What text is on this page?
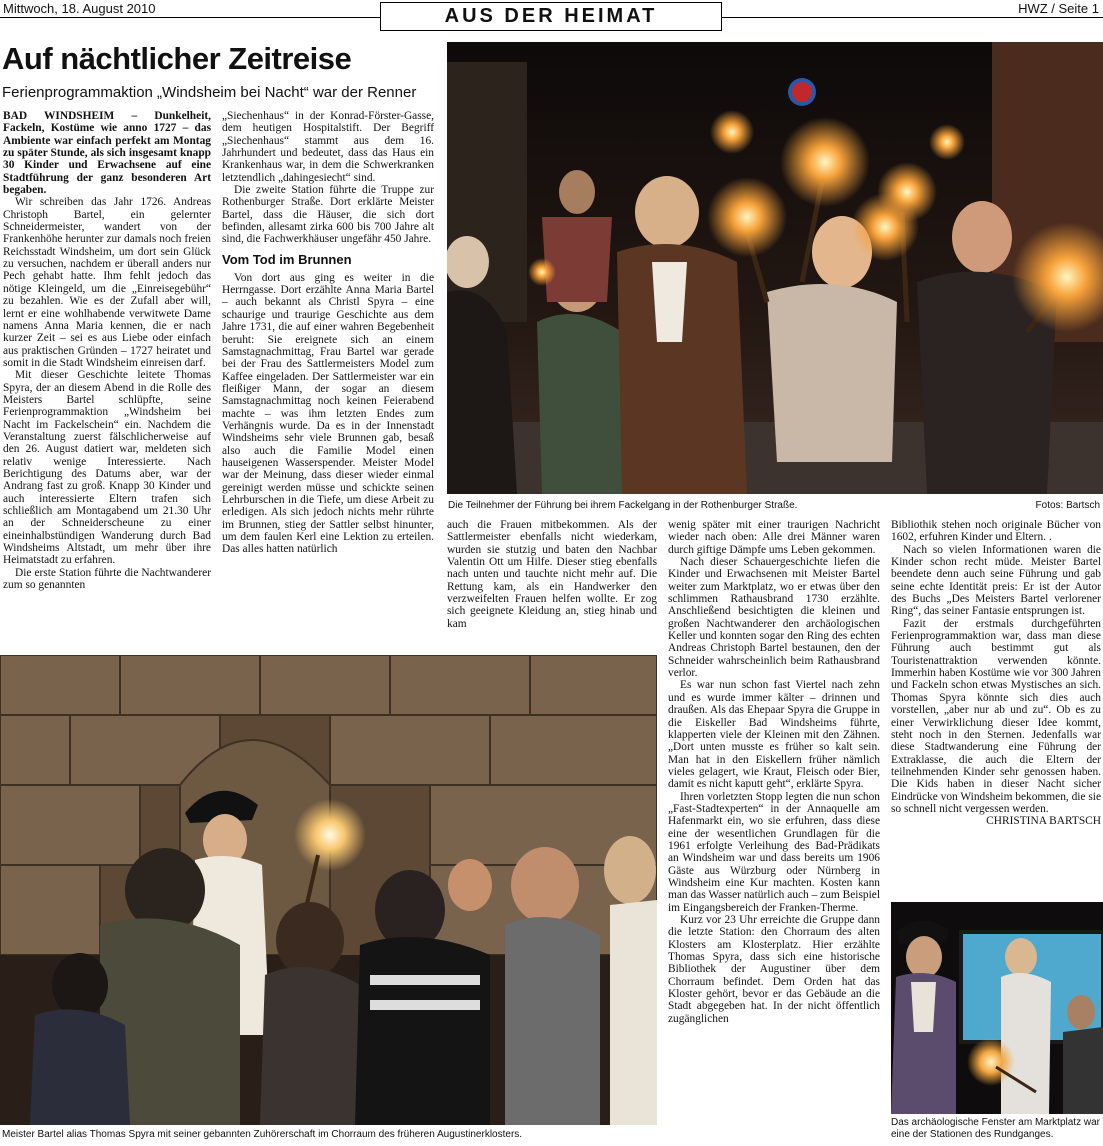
Mittwoch, 18. August 2010	AUS DER HEIMAT	HWZ / Seite 1
Auf nächtlicher Zeitreise
Ferienprogrammaktion „Windsheim bei Nacht“ war der Renner

BAD WINDSHEIM – Dunkelheit, Fackeln, Kostüme wie anno 1727 – das Ambiente war einfach perfekt am Montag zu später Stunde, als sich insgesamt knapp 30 Kinder und Erwachsene auf eine Stadtführung der ganz besonderen Art begaben.

Wir schreiben das Jahr 1726. Andreas Christoph Bartel, ein gelernter Schneidermeister, wandert von der Frankenhöhe herunter zur damals noch freien Reichsstadt Windsheim, um dort sein Glück zu versuchen, nachdem er überall anders nur Pech gehabt hatte. Ihm fehlt jedoch das nötige Kleingeld, um die „Einreisegebühr“ zu bezahlen. Wie es der Zufall aber will, lernt er eine wohlhabende verwitwete Dame namens Anna Maria kennen, die er nach kurzer Zeit – sei es aus Liebe oder einfach aus praktischen Gründen – 1727 heiratet und somit in die Stadt Windsheim einreisen darf.

Mit dieser Geschichte leitete Thomas Spyra, der an diesem Abend in die Rolle des Meisters Bartel schlüpfte, seine Ferienprogrammaktion „Windsheim bei Nacht im Fackelschein“ ein. Nachdem die Veranstaltung zuerst fälschlicherweise auf den 26. August datiert war, meldeten sich relativ wenige Interessierte. Nach Berichtigung des Datums aber, war der Andrang fast zu groß. Knapp 30 Kinder und auch interessierte Eltern trafen sich schließlich am Montagabend um 21.30 Uhr an der Schneiderscheune zu einer eineinhalbstündigen Wanderung durch Bad Windsheims Altstadt, um mehr über ihre Heimatstadt zu erfahren.

Die erste Station führte die Nachtwanderer zum so genannten

„Siechenhaus“ in der Konrad-Förster-Gasse, dem heutigen Hospitalstift. Der Begriff „Siechenhaus“ stammt aus dem 16. Jahrhundert und bedeutet, dass das Haus ein Krankenhaus war, in dem die Schwerkranken letztendlich „dahingesiecht“ sind.

Die zweite Station führte die Truppe zur Rothenburger Straße. Dort erklärte Meister Bartel, dass die Häuser, die sich dort befinden, allesamt zirka 600 bis 700 Jahre alt sind, die Fachwerkhäuser ungefähr 450 Jahre.

Vom Tod im Brunnen

Von dort aus ging es weiter in die Herrngasse. Dort erzählte Anna Maria Bartel – auch bekannt als Christl Spyra – eine schaurige und traurige Geschichte aus dem Jahre 1731, die auf einer wahren Begebenheit beruht: Sie ereignete sich an einem Samstagnachmittag, Frau Bartel war gerade bei der Frau des Sattlermeisters Model zum Kaffee eingeladen. Der Sattlermeister war ein fleißiger Mann, der sogar an diesem Samstagnachmittag noch keinen Feierabend machte – was ihm letzten Endes zum Verhängnis wurde. Da es in der Innenstadt Windsheims sehr viele Brunnen gab, besaß also auch die Familie Model einen hauseigenen Wasserspender. Meister Model war der Meinung, dass dieser wieder einmal gereinigt werden müsse und schickte seinen Lehrburschen in die Tiefe, um diese Arbeit zu erledigen. Als sich jedoch nichts mehr rührte im Brunnen, stieg der Sattler selbst hinunter, um dem faulen Kerl eine Lektion zu erteilen. Das alles hatten natürlich

Die Teilnehmer der Führung bei ihrem Fackelgang in der Rothenburger Straße.	Fotos: Bartsch

auch die Frauen mitbekommen. Als der Sattlermeister ebenfalls nicht wiederkam, wurden sie stutzig und baten den Nachbar Valentin Ott um Hilfe. Dieser stieg ebenfalls nach unten und tauchte nicht mehr auf. Die Rettung kam, als ein Handwerker den verzweifelten Frauen helfen wollte. Er zog sich geeignete Kleidung an, stieg hinab und kam

wenig später mit einer traurigen Nachricht wieder nach oben: Alle drei Männer waren durch giftige Dämpfe ums Leben gekommen.

Nach dieser Schauergeschichte liefen die Kinder und Erwachsenen mit Meister Bartel weiter zum Marktplatz, wo er etwas über den schlimmen Rathausbrand 1730 erzählte. Anschließend besichtigten die kleinen und großen Nachtwanderer den archäologischen Keller und konnten sogar den Ring des echten Andreas Christoph Bartel bestaunen, den der Schneider wahrscheinlich beim Rathausbrand verlor.

Es war nun schon fast Viertel nach zehn und es wurde immer kälter – drinnen und draußen. Als das Ehepaar Spyra die Gruppe in die Eiskeller Bad Windsheims führte, klapperten viele der Kleinen mit den Zähnen. „Dort unten musste es früher so kalt sein. Man hat in den Eiskellern früher nämlich vieles gelagert, wie Kraut, Fleisch oder Bier, damit es nicht kaputt geht“, erklärte Spyra.

Ihren vorletzten Stopp legten die nun schon „Fast-Stadtexperten“ in der Annaquelle am Hafenmarkt ein, wo sie erfuhren, dass diese eine der wesentlichen Grundlagen für die 1961 erfolgte Verleihung des Bad-Prädikats an Windsheim war und dass bereits um 1906 Gäste aus Würzburg oder Nürnberg in Windsheim eine Kur machten. Kosten kann man das Wasser natürlich auch – zum Beispiel im Eingangsbereich der Franken-Therme.

Kurz vor 23 Uhr erreichte die Gruppe dann die letzte Station: den Chorraum des alten Klosters am Klosterplatz. Hier erzählte Thomas Spyra, dass sich eine historische Bibliothek der Augustiner über dem Chorraum befindet. Dem Orden hat das Kloster gehört, bevor er das Gebäude an die Stadt abgegeben hat. In der nicht öffentlich zugänglichen

Bibliothik stehen noch originale Bücher von 1602, erfuhren Kinder und Eltern. .

Nach so vielen Informationen waren die Kinder schon recht müde. Meister Bartel beendete denn auch seine Führung und gab seine echte Identität preis: Er ist der Autor des Buchs „Des Meisters Bartel verlorener Ring“, das seiner Fantasie entsprungen ist.

Fazit der erstmals durchgeführten Ferienprogrammaktion war, dass man diese Führung auch bestimmt gut als Touristenattraktion verwenden könnte. Immerhin haben Kostüme wie vor 300 Jahren und Fackeln schon etwas Mystisches an sich. Thomas Spyra könnte sich dies auch vorstellen, „aber nur ab und zu“. Ob es zu einer Verwirklichung dieser Idee kommt, steht noch in den Sternen. Jedenfalls war diese Stadtwanderung eine Führung der Extraklasse, die auch die Eltern der teilnehmenden Kinder sehr genossen haben. Die Kids haben in dieser Nacht sicher Eindrücke von Windsheim bekommen, die sie so schnell nicht vergessen werden.

CHRISTINA BARTSCH

Meister Bartel alias Thomas Spyra mit seiner gebannten Zuhörerschaft im Chorraum des früheren Augustinerklosters.
Das archäologische Fenster am Marktplatz war eine der Stationen des Rundganges.
